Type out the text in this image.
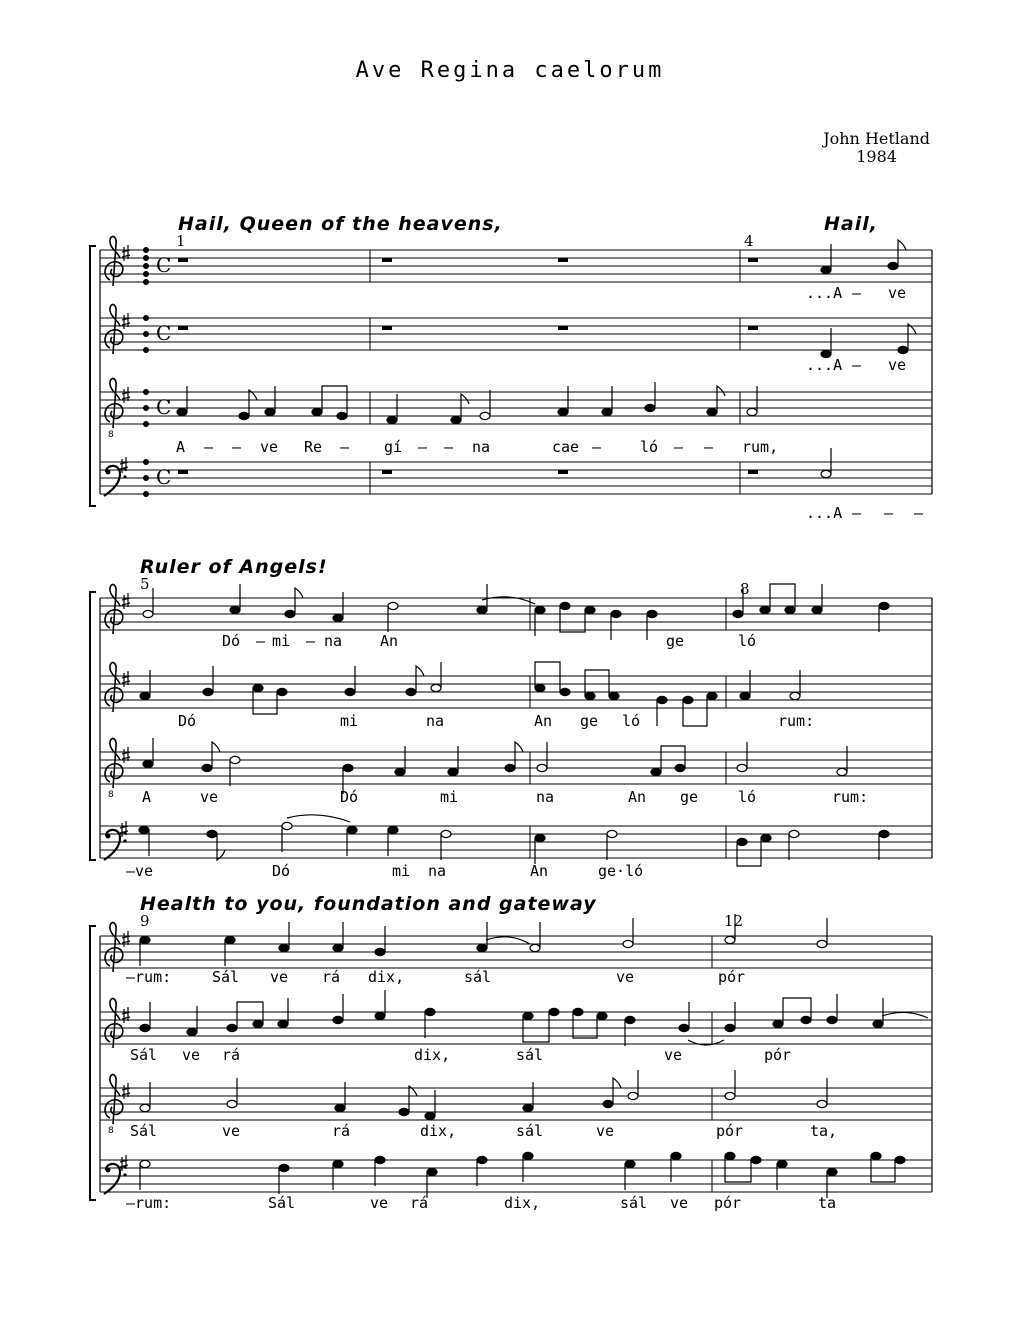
Ave Regina caelorum
John Hetland
1984
Hail, Queen of the heavens,	Hail,
1	4
8
C
C
C
C
...A – ve
...A – ve
A – – ve Re – gí – – na	cae –	ló – – rum,
...A – – –
Ruler of Angels!
5	8
8
Dó – mi – na	An	ge	ló
Dó	mi	na	An ge ló	rum:
A	ve	Dó	mi	na	An ge	ló	rum:
–ve	Dó	mi na	An	ge·ló
Health to you, foundation and gateway
9	12
8
–rum:	Sál ve rá dix,	sál	ve	pór
Sál ve rá	dix,	sál	ve	pór
Sál	ve	rá	dix,	sál	ve	pór	ta,
–rum:	Sál	ve rá	dix,	sál ve pór	ta
